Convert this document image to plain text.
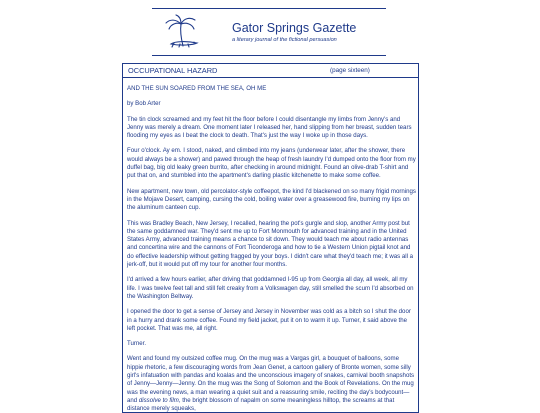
Gator Springs Gazette
a literary journal of the fictional persuasion
OCCUPATIONAL HAZARD	(page sixteen)

AND THE SUN SOARED FROM THE SEA, OH ME

by Bob Arter

The tin clock screamed and my feet hit the floor before I could disentangle my limbs from Jenny's and Jenny was merely a dream. One moment later I released her, hand slipping from her breast, sudden tears flooding my eyes as I beat the clock to death. That's just the way I woke up in those days.

Four o'clock. Ay em. I stood, naked, and climbed into my jeans (underwear later, after the shower, there would always be a shower) and pawed through the heap of fresh laundry I'd dumped onto the floor from my duffel bag, big old leaky green burrito, after checking in around midnight. Found an olive-drab T-shirt and put that on, and stumbled into the apartment's darling plastic kitchenette to make some coffee.

New apartment, new town, old percolator-style coffeepot, the kind I'd blackened on so many frigid mornings in the Mojave Desert, camping, cursing the cold, boiling water over a greasewood fire, burning my lips on the aluminum canteen cup.

This was Bradley Beach, New Jersey, I recalled, hearing the pot's gurgle and slop, another Army post but the same goddamned war. They'd sent me up to Fort Monmouth for advanced training and in the United States Army, advanced training means a chance to sit down. They would teach me about radio antennas and concertina wire and the cannons of Fort Ticonderoga and how to tie a Western Union pigtail knot and do effective leadership without getting fragged by your boys. I didn't care what they'd teach me; it was all a jerk-off, but it would put off my tour for another four months.

I'd arrived a few hours earlier, after driving that goddamned I-95 up from Georgia all day, all week, all my life. I was twelve feet tall and still felt creaky from a Volkswagen day, still smelled the scum I'd absorbed on the Washington Beltway.

I opened the door to get a sense of Jersey and Jersey in November was cold as a bitch so I shut the door in a hurry and drank some coffee. Found my field jacket, put it on to warm it up. Turner, it said above the left pocket. That was me, all right.

Turner.

Went and found my outsized coffee mug. On the mug was a Vargas girl, a bouquet of balloons, some hippie rhetoric, a few discouraging words from Jean Genet, a cartoon gallery of Bronte women, some silly girl's infatuation with pandas and koalas and the unconscious imagery of snakes, carnival booth snapshots of Jenny—Jenny—Jenny. On the mug was the Song of Solomon and the Book of Revelations. On the mug was the evening news, a man wearing a quiet suit and a reassuring smile, reciting the day's bodycount—and dissolve to film, the bright blossom of napalm on some meaningless hilltop, the screams at that distance merely squeaks,
